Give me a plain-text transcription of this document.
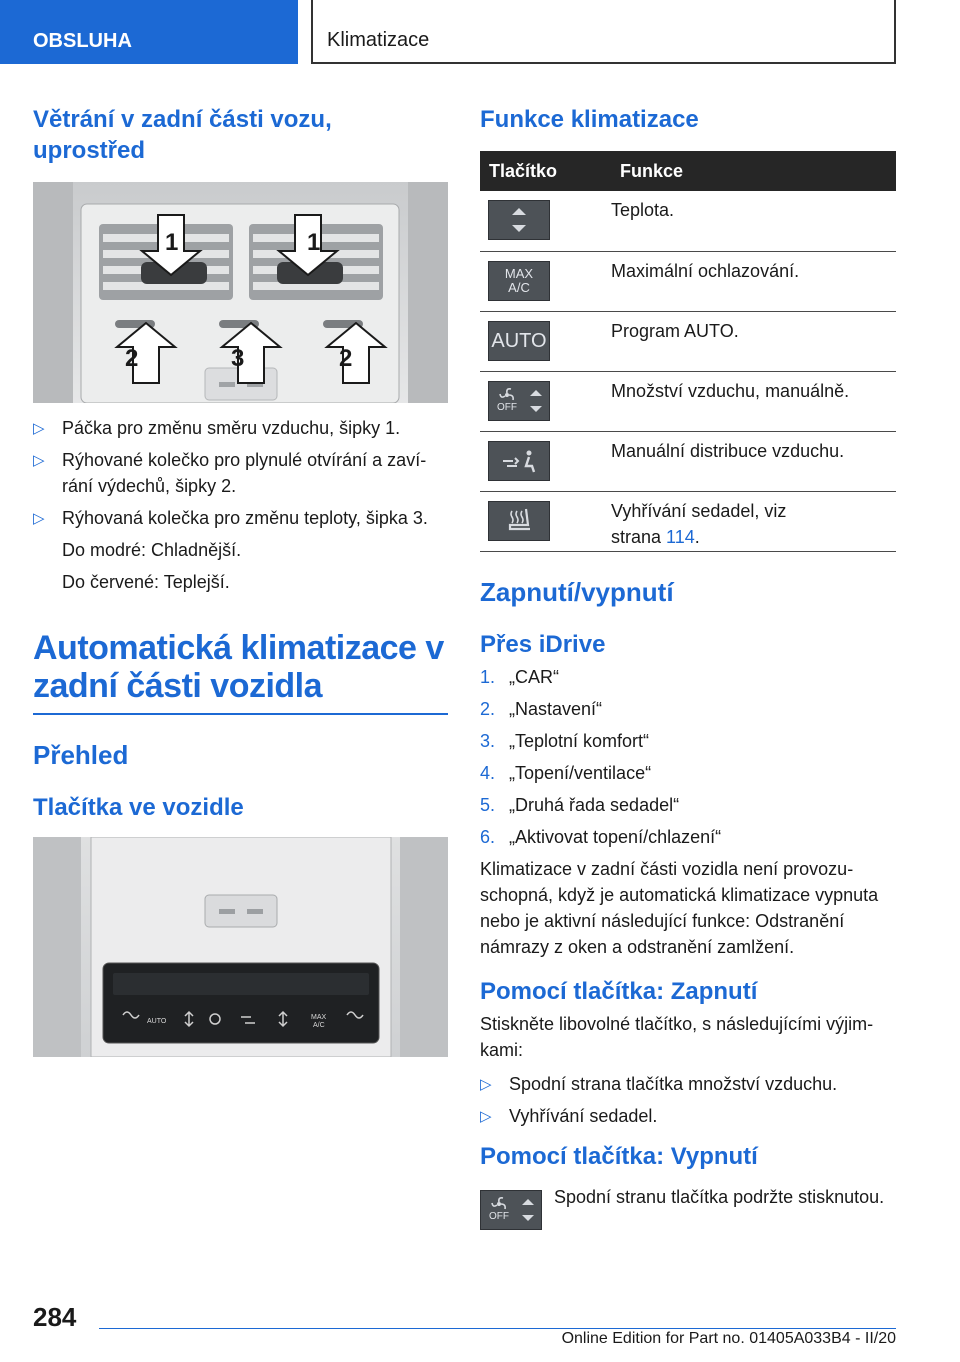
OBSLUHA	Klimatizace
Větrání v zadní části vozu, uprostřed
1	1
2	3	2
▷ Páčka pro změnu směru vzduchu, šipky 1.
▷ Rýhované kolečko pro plynulé otvírání a zavírání výdechů, šipky 2.
▷ Rýhovaná kolečka pro změnu teploty, šipka 3.
Do modré: Chladnější.
Do červené: Teplejší.
Automatická klimatizace v zadní části vozidla
Přehled
Tlačítka ve vozidle
AUTO
MAX
A/C
Funkce klimatizace
Tlačítko	Funkce

	Teplota.

MAX
A/C	Maximální ochlazování.

AUTO	Program AUTO.

OFF	Množství vzduchu, manuálně.

	Manuální distribuce vzduchu.

Vyhřívání sedadel, viz
strana 114.
Zapnutí/vypnutí
Přes iDrive
1. „CAR“
2. „Nastavení“
3. „Teplotní komfort“
4. „Topení/ventilace“
5. „Druhá řada sedadel“
6. „Aktivovat topení/chlazení“
Klimatizace v zadní části vozidla není provozuschopná, když je automatická klimatizace vypnuta nebo je aktivní následující funkce: Odstranění námrazy z oken a odstranění zamlžení.
Pomocí tlačítka: Zapnutí
Stiskněte libovolné tlačítko, s následujícími výjimkami:
▷ Spodní strana tlačítka množství vzduchu.
▷ Vyhřívání sedadel.
Pomocí tlačítka: Vypnutí
OFF
Spodní stranu tlačítka podržte stisknutou.
284
Online Edition for Part no. 01405A033B4 - II/20
